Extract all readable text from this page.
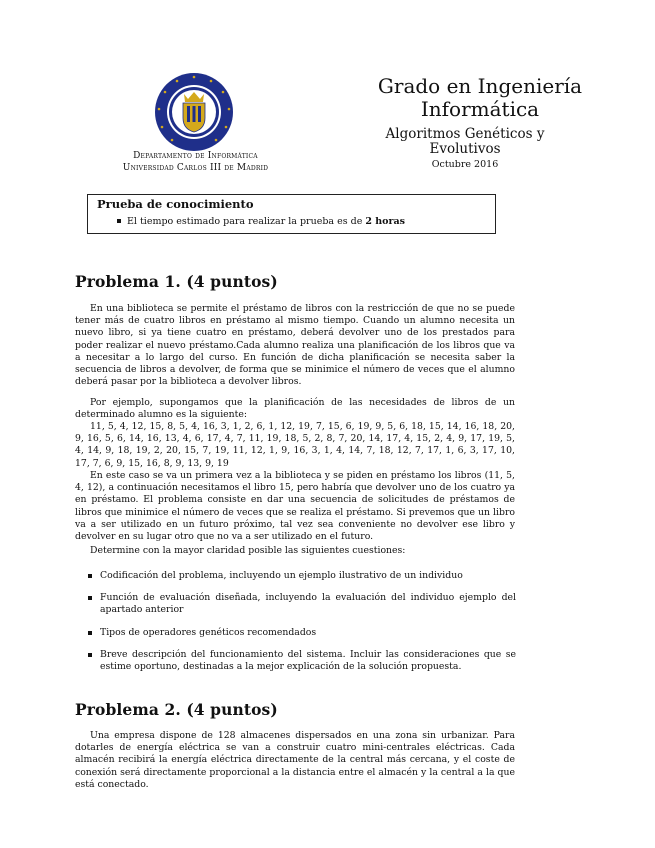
Departamento de Informática
Universidad Carlos III de Madrid
Grado en Ingeniería
Informática
Algoritmos Genéticos y
Evolutivos
Octubre 2016
Prueba de conocimiento
El tiempo estimado para realizar la prueba es de 2 horas
Problema 1. (4 puntos)
En una biblioteca se permite el préstamo de libros con la restricción de que no se puede tener más de cuatro libros en préstamo al mismo tiempo. Cuando un alumno necesita un nuevo libro, si ya tiene cuatro en préstamo, deberá devolver uno de los prestados para poder realizar el nuevo préstamo.Cada alumno realiza una planificación de los libros que va a necesitar a lo largo del curso. En función de dicha planificación se necesita saber la secuencia de libros a devolver, de forma que se minimice el número de veces que el alumno deberá pasar por la biblioteca a devolver libros.
Por ejemplo, supongamos que la planificación de las necesidades de libros de un determinado alumno es la siguiente:
11, 5, 4, 12, 15, 8, 5, 4, 16, 3, 1, 2, 6, 1, 12, 19, 7, 15, 6, 19, 9, 5, 6, 18, 15, 14, 16, 18, 20, 9, 16, 5, 6, 14, 16, 13, 4, 6, 17, 4, 7, 11, 19, 18, 5, 2, 8, 7, 20, 14, 17, 4, 15, 2, 4, 9, 17, 19, 5, 4, 14, 9, 18, 19, 2, 20, 15, 7, 19, 11, 12, 1, 9, 16, 3, 1, 4, 14, 7, 18, 12, 7, 17, 1, 6, 3, 17, 10, 17, 7, 6, 9, 15, 16, 8, 9, 13, 9, 19
En este caso se va un primera vez a la biblioteca y se piden en préstamo los libros (11, 5, 4, 12), a continuación necesitamos el libro 15, pero habría que devolver uno de los cuatro ya en préstamo. El problema consiste en dar una secuencia de solicitudes de préstamos de libros que minimice el número de veces que se realiza el préstamo. Si prevemos que un libro va a ser utilizado en un futuro próximo, tal vez sea conveniente no devolver ese libro y devolver en su lugar otro que no va a ser utilizado en el futuro.
Determine con la mayor claridad posible las siguientes cuestiones:
Codificación del problema, incluyendo un ejemplo ilustrativo de un individuo
Función de evaluación diseñada, incluyendo la evaluación del individuo ejemplo del apartado anterior
Tipos de operadores genéticos recomendados
Breve descripción del funcionamiento del sistema. Incluir las consideraciones que se estime oportuno, destinadas a la mejor explicación de la solución propuesta.
Problema 2. (4 puntos)
Una empresa dispone de 128 almacenes dispersados en una zona sin urbanizar. Para dotarles de energía eléctrica se van a construir cuatro mini-centrales eléctricas. Cada almacén recibirá la energía eléctrica directamente de la central más cercana, y el coste de conexión será directamente proporcional a la distancia entre el almacén y la central a la que está conectado.
